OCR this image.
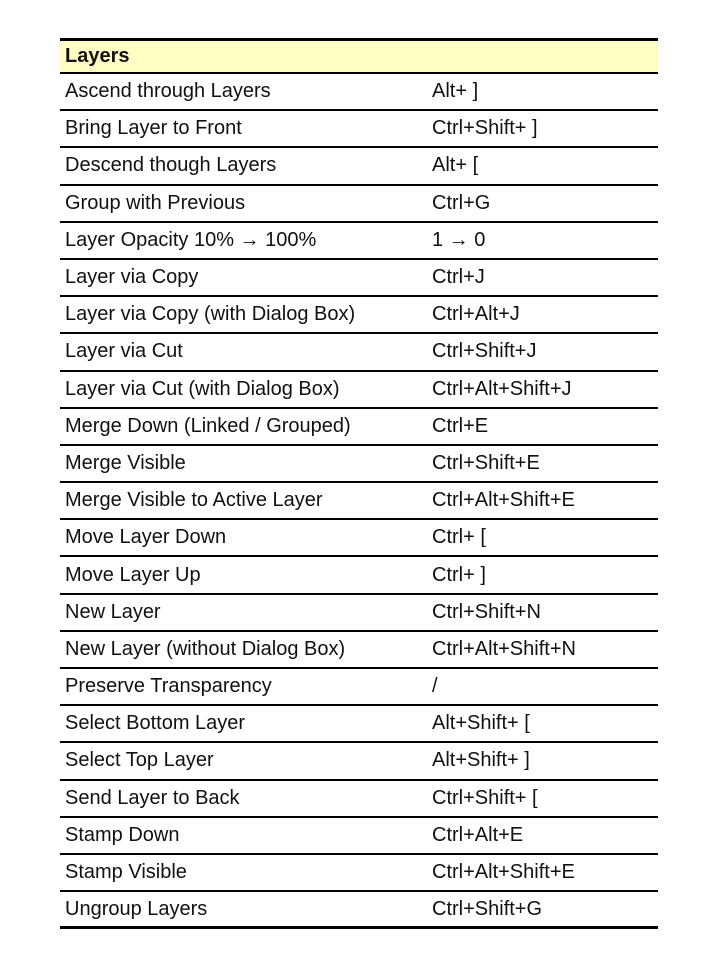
Layers
Ascend through Layers	Alt+ ]
Bring Layer to Front	Ctrl+Shift+ ]
Descend though Layers	Alt+ [
Group with Previous	Ctrl+G
Layer Opacity 10% → 100%	1 → 0
Layer via Copy	Ctrl+J
Layer via Copy (with Dialog Box)	Ctrl+Alt+J
Layer via Cut	Ctrl+Shift+J
Layer via Cut (with Dialog Box)	Ctrl+Alt+Shift+J
Merge Down (Linked / Grouped)	Ctrl+E
Merge Visible	Ctrl+Shift+E
Merge Visible to Active Layer	Ctrl+Alt+Shift+E
Move Layer Down	Ctrl+ [
Move Layer Up	Ctrl+ ]
New Layer	Ctrl+Shift+N
New Layer (without Dialog Box)	Ctrl+Alt+Shift+N
Preserve Transparency	/
Select Bottom Layer	Alt+Shift+ [
Select Top Layer	Alt+Shift+ ]
Send Layer to Back	Ctrl+Shift+ [
Stamp Down	Ctrl+Alt+E
Stamp Visible	Ctrl+Alt+Shift+E
Ungroup Layers	Ctrl+Shift+G
